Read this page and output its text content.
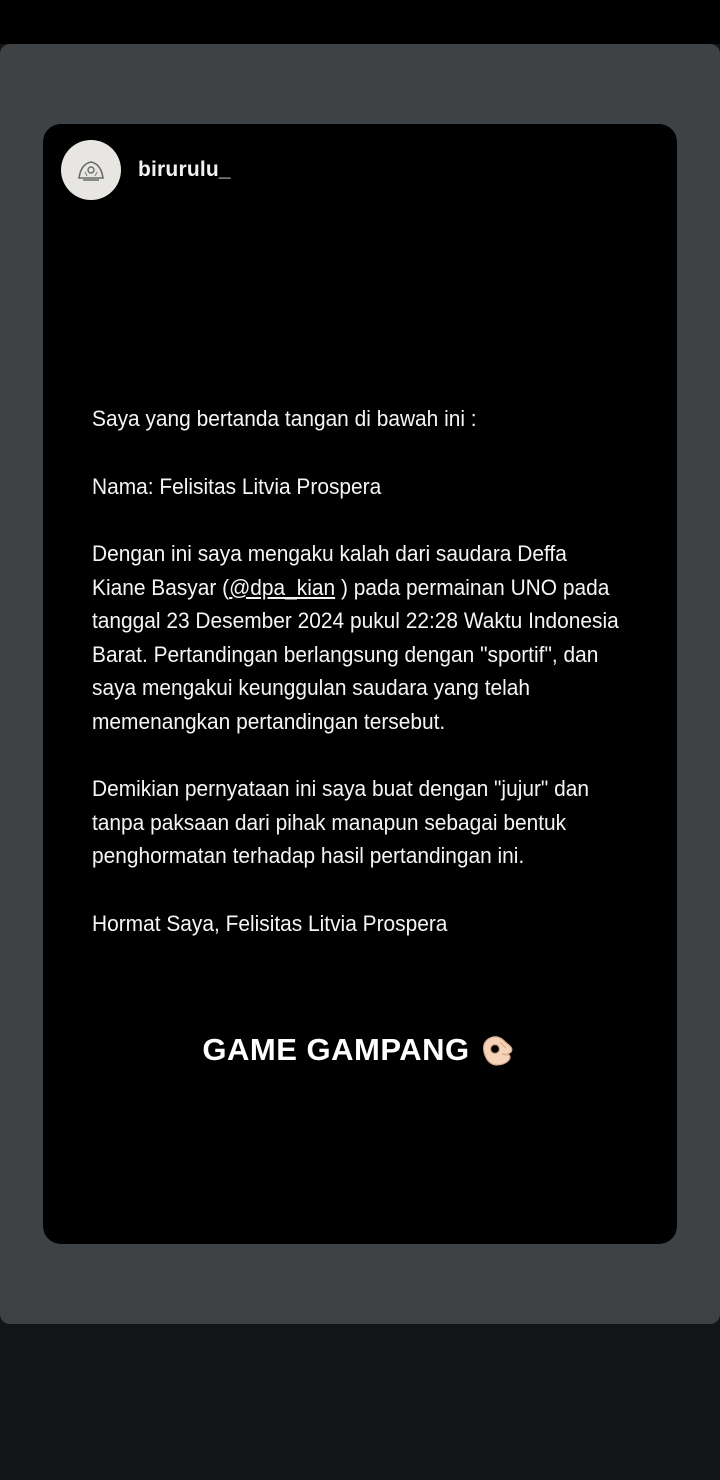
birurulu_

Saya yang bertanda tangan di bawah ini :

Nama: Felisitas Litvia Prospera

Dengan ini saya mengaku kalah dari saudara Deffa Kiane Basyar (@dpa_kian ) pada permainan UNO pada tanggal 23 Desember 2024 pukul 22:28 Waktu Indonesia Barat. Pertandingan berlangsung dengan "sportif", dan saya mengakui keunggulan saudara yang telah memenangkan pertandingan tersebut.

Demikian pernyataan ini saya buat dengan "jujur" dan tanpa paksaan dari pihak manapun sebagai bentuk penghormatan terhadap hasil pertandingan ini.

Hormat Saya, Felisitas Litvia Prospera

GAME GAMPANG
